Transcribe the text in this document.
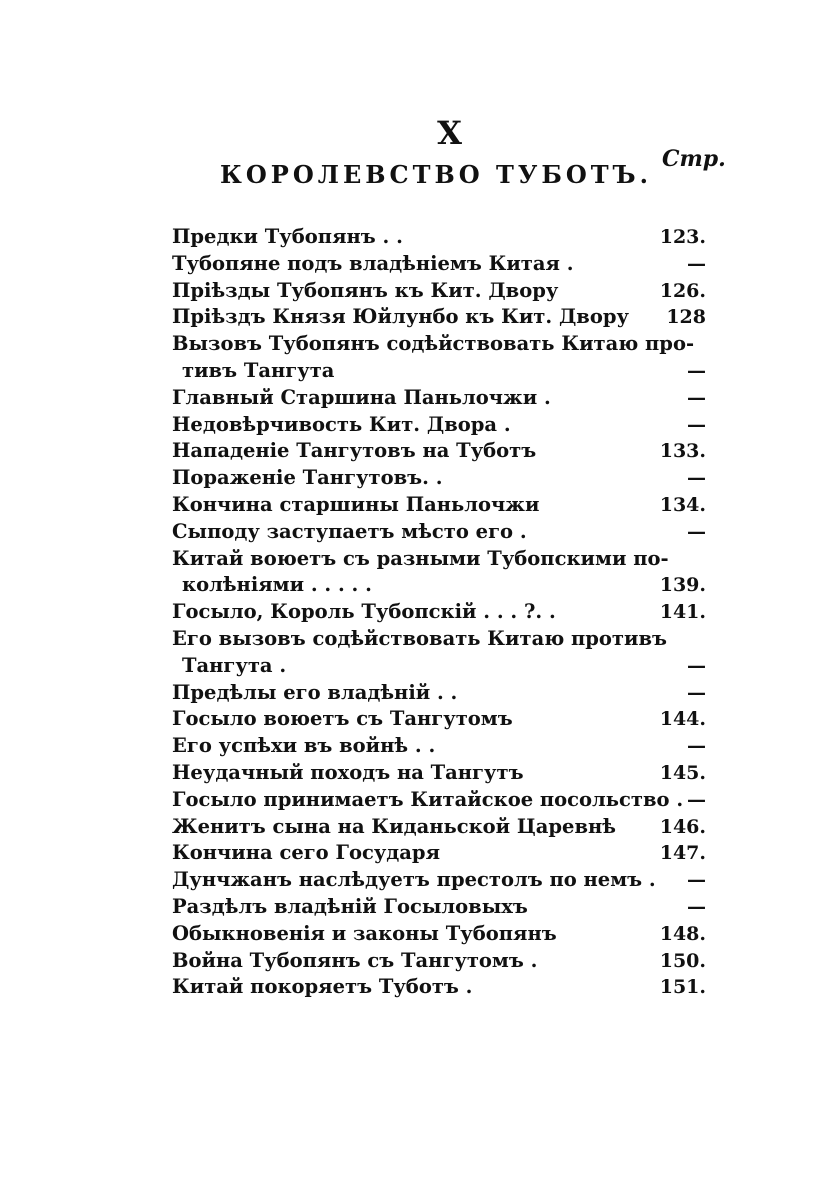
X
Стр.
КОРОЛЕВСТВО ТУБОТЪ.
Предки Тубопянъ . .	123.
Тубопяне подъ владѣніемъ Китая .	—
Пріѣзды Тубопянъ къ Кит. Двору	126.
Пріѣздъ Князя Юйлунбо къ Кит. Двору 128
Вызовъ Тубопянъ содѣйствовать Китаю про-
тивъ Тангута	—
Главный Старшина Паньлочжи .	—
Недовѣрчивость Кит. Двора .	—
Нападеніе Тангутовъ на Туботъ	133.
Пораженіе Тангутовъ. .	—
Кончина старшины Паньлочжи	134.
Сыподу заступаетъ мѣсто его .	—
Китай воюетъ съ разными Тубопскими по-
колѣніями . . . . .	139.
Госыло, Король Тубопскій . . . ?. .	141.
Его вызовъ содѣйствовать Китаю противъ
Тангута .	—
Предѣлы его владѣній . .	—
Госыло воюетъ съ Тангутомъ	144.
Его успѣхи въ войнѣ . .	—
Неудачный походъ на Тангутъ	145.
Госыло принимаетъ Китайское посольство . —
Женитъ сына на Киданьской Царевнѣ 146.
Кончина сего Государя	147.
Дунчжанъ наслѣдуетъ престолъ по немъ . —
Раздѣлъ владѣній Госыловыхъ	—
Обыкновенія и законы Тубопянъ	148.
Война Тубопянъ съ Тангутомъ .	150.
Китай покоряетъ Туботъ .	151.
